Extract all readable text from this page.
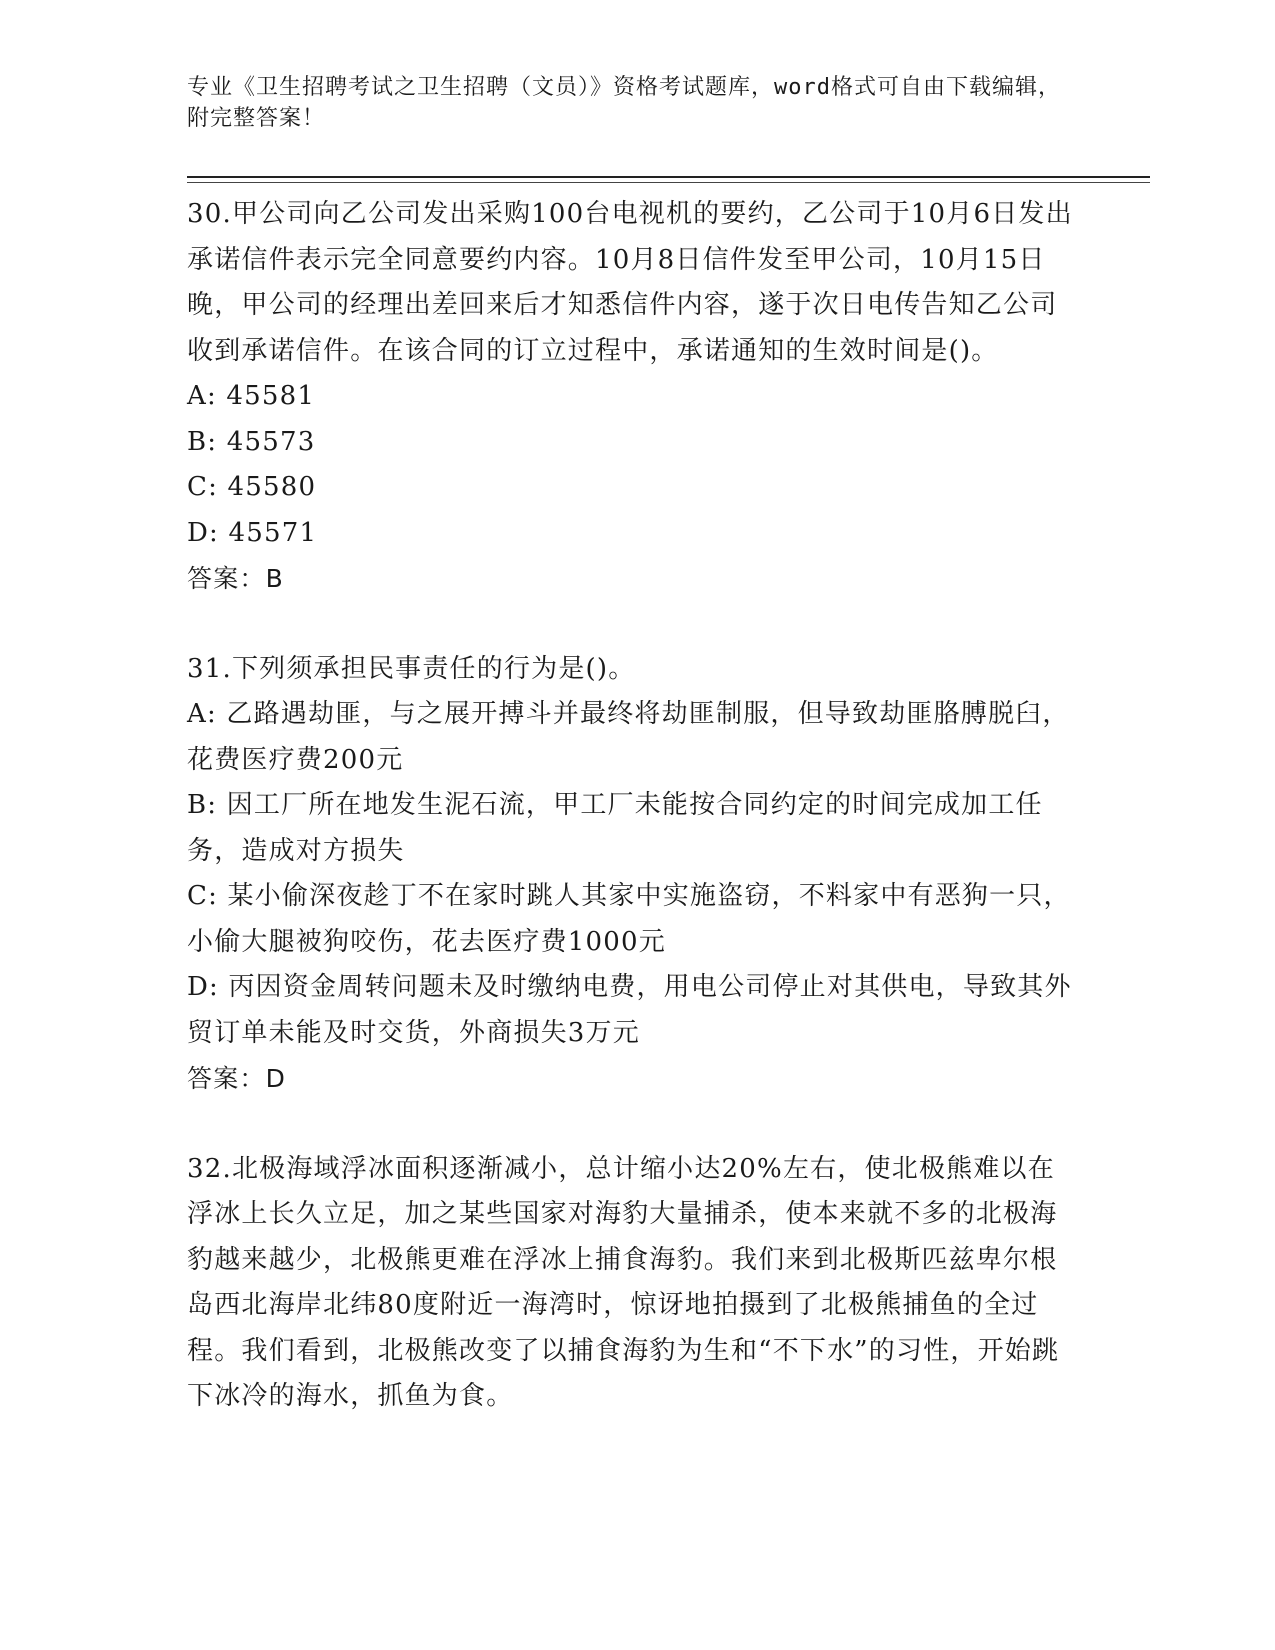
专业《卫生招聘考试之卫生招聘（文员）》资格考试题库，word格式可自由下载编辑，附完整答案！

30.甲公司向乙公司发出采购100台电视机的要约，乙公司于10月6日发出承诺信件表示完全同意要约内容。10月8日信件发至甲公司，10月15日晚，甲公司的经理出差回来后才知悉信件内容，遂于次日电传告知乙公司收到承诺信件。在该合同的订立过程中，承诺通知的生效时间是()。

A: 45581

B: 45573

C: 45580

D: 45571

答案：B

31.下列须承担民事责任的行为是()。

A: 乙路遇劫匪，与之展开搏斗并最终将劫匪制服，但导致劫匪胳膊脱臼，花费医疗费200元

B: 因工厂所在地发生泥石流，甲工厂未能按合同约定的时间完成加工任务，造成对方损失

C: 某小偷深夜趁丁不在家时跳人其家中实施盗窃，不料家中有恶狗一只，小偷大腿被狗咬伤，花去医疗费1000元

D: 丙因资金周转问题未及时缴纳电费，用电公司停止对其供电，导致其外贸订单未能及时交货，外商损失3万元

答案：D

32.北极海域浮冰面积逐渐减小，总计缩小达20%左右，使北极熊难以在浮冰上长久立足，加之某些国家对海豹大量捕杀，使本来就不多的北极海豹越来越少，北极熊更难在浮冰上捕食海豹。我们来到北极斯匹兹卑尔根岛西北海岸北纬80度附近一海湾时，惊讶地拍摄到了北极熊捕鱼的全过程。我们看到，北极熊改变了以捕食海豹为生和“不下水”的习性，开始跳下冰冷的海水，抓鱼为食。
